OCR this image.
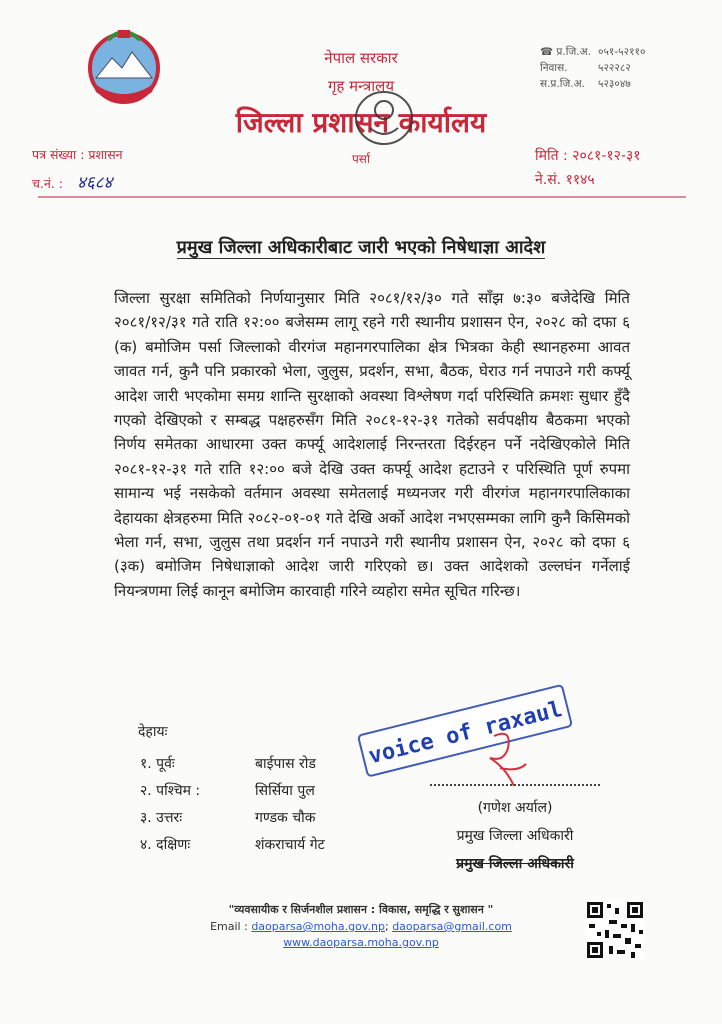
नेपाल सरकार
गृह मन्त्रालय
जिल्ला प्रशासन कार्यालय
पर्सा
☎ प्र.जि.अ. ०५१-५२११०
निवास.	५२२२८२
स.प्र.जि.अ.	५२३०४७
पत्र संख्या : प्रशासन
च.नं. : ४६८४
मिति : २०८१-१२-३१
ने.सं. ११४५
प्रमुख जिल्ला अधिकारीबाट जारी भएको निषेधाज्ञा आदेश
जिल्ला सुरक्षा समितिको निर्णयानुसार मिति २०८१/१२/३० गते साँझ ७:३० बजेदेखि मिति २०८१/१२/३१ गते राति १२:०० बजेसम्म लागू रहने गरी स्थानीय प्रशासन ऐन, २०२८ को दफा ६ (क) बमोजिम पर्सा जिल्लाको वीरगंज महानगरपालिका क्षेत्र भित्रका केही स्थानहरुमा आवत जावत गर्न, कुनै पनि प्रकारको भेला, जुलुस, प्रदर्शन, सभा, बैठक, घेराउ गर्न नपाउने गरी कर्फ्यू आदेश जारी भएकोमा समग्र शान्ति सुरक्षाको अवस्था विश्लेषण गर्दा परिस्थिति क्रमशः सुधार हुँदै गएको देखिएको र सम्बद्ध पक्षहरुसँग मिति २०८१-१२-३१ गतेको सर्वपक्षीय बैठकमा भएको निर्णय समेतका आधारमा उक्त कर्फ्यू आदेशलाई निरन्तरता दिईरहन पर्ने नदेखिएकोले मिति २०८१-१२-३१ गते राति १२:०० बजे देखि उक्त कर्फ्यू आदेश हटाउने र परिस्थिति पूर्ण रुपमा सामान्य भई नसकेको वर्तमान अवस्था समेतलाई मध्यनजर गरी वीरगंज महानगरपालिकाका देहायका क्षेत्रहरुमा मिति २०८२-०१-०१ गते देखि अर्को आदेश नभएसम्मका लागि कुनै किसिमको भेला गर्न, सभा, जुलुस तथा प्रदर्शन गर्न नपाउने गरी स्थानीय प्रशासन ऐन, २०२८ को दफा ६ (३क) बमोजिम निषेधाज्ञाको आदेश जारी गरिएको छ। उक्त आदेशको उल्लघंन गर्नेलाई नियन्त्रणमा लिई कानून बमोजिम कारवाही गरिने व्यहोरा समेत सूचित गरिन्छ।
देहायः
१. पूर्वः	बाईपास रोड
२. पश्चिम :	सिर्सिया पुल
३. उत्तरः	गण्डक चौक
४. दक्षिणः	शंकराचार्य गेट
voice of raxaul
(गणेश अर्याल)
प्रमुख जिल्ला अधिकारी
प्रमुख जिल्ला अधिकारी
"व्यवसायीक र सिर्जनशील प्रशासन : विकास, समृद्धि र सुशासन "
Email : daoparsa@moha.gov.np; daoparsa@gmail.com
www.daoparsa.moha.gov.np
